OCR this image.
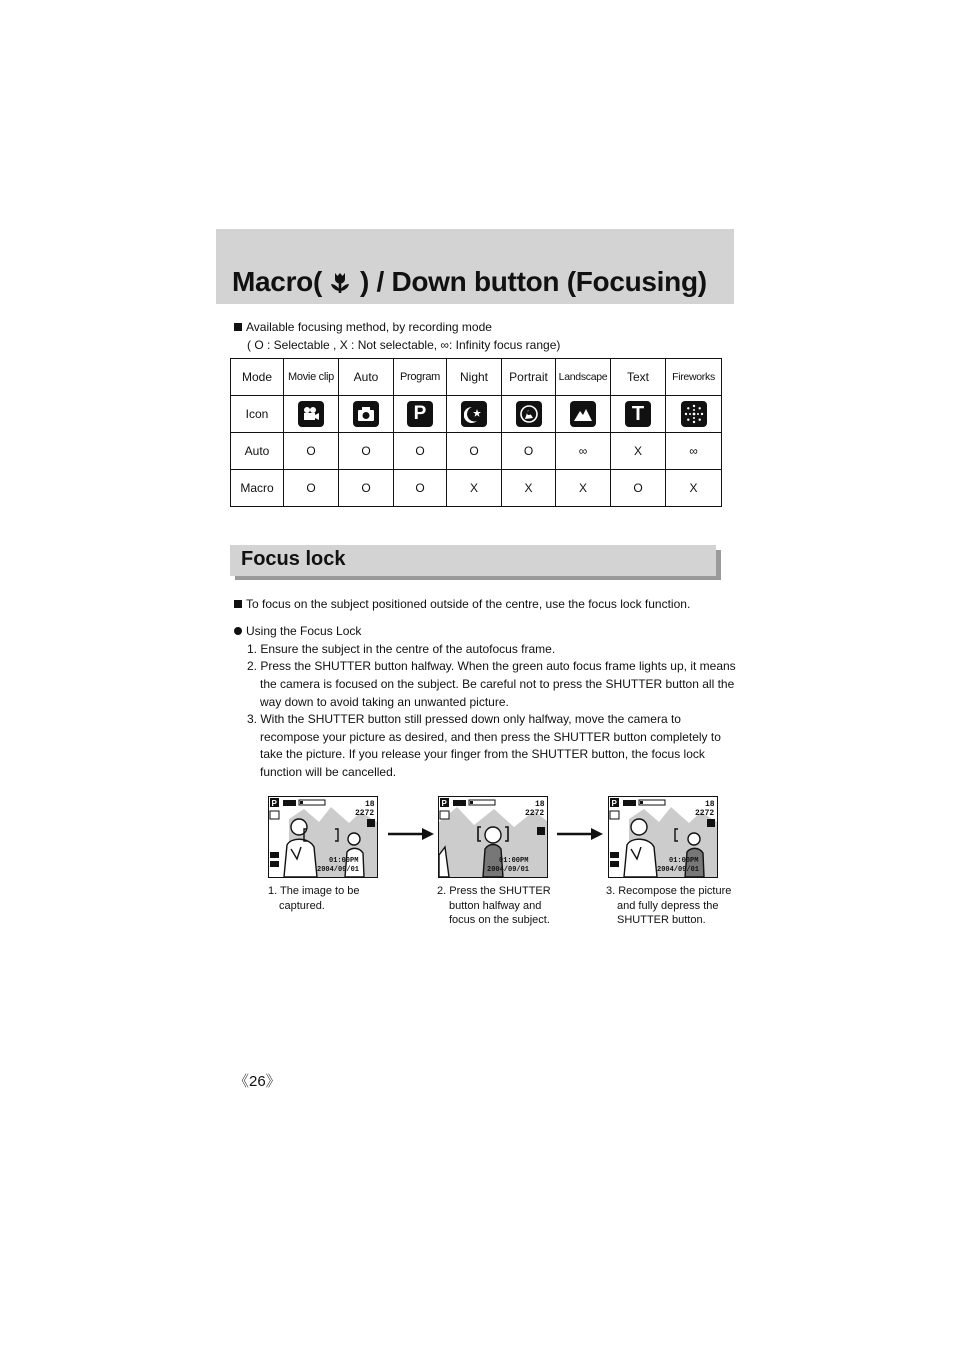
Macro( ) / Down button (Focusing)
Available focusing method, by recording mode
( O : Selectable , X : Not selectable, ∞: Infinity focus range)
Mode	Movie clip	Auto	Program	Night	Portrait	Landscape	Text	Fireworks
Icon			P				T	

Auto	O	O	O	O	O	∞	X	∞
Macro	O	O	O	X	X	X	O	X
Focus lock
To focus on the subject positioned outside of the centre, use the focus lock function.
Using the Focus Lock
1. Ensure the subject in the centre of the autofocus frame.
2. Press the SHUTTER button halfway. When the green auto focus frame lights up, it means
the camera is focused on the subject. Be careful not to press the SHUTTER button all the
way down to avoid taking an unwanted picture.
3. With the SHUTTER button still pressed down only halfway, move the camera to
recompose your picture as desired, and then press the SHUTTER button completely to
take the picture. If you release your finger from the SHUTTER button, the focus lock
function will be cancelled.
P	18
2272
01:00PM
2004/09/01
P	18
2272
01:00PM
2004/09/01
P	18
2272
01:00PM
2004/09/01
1. The image to be
captured.
2. Press the SHUTTER
button halfway and
focus on the subject.
3. Recompose the picture
and fully depress the
SHUTTER button.
《26》
